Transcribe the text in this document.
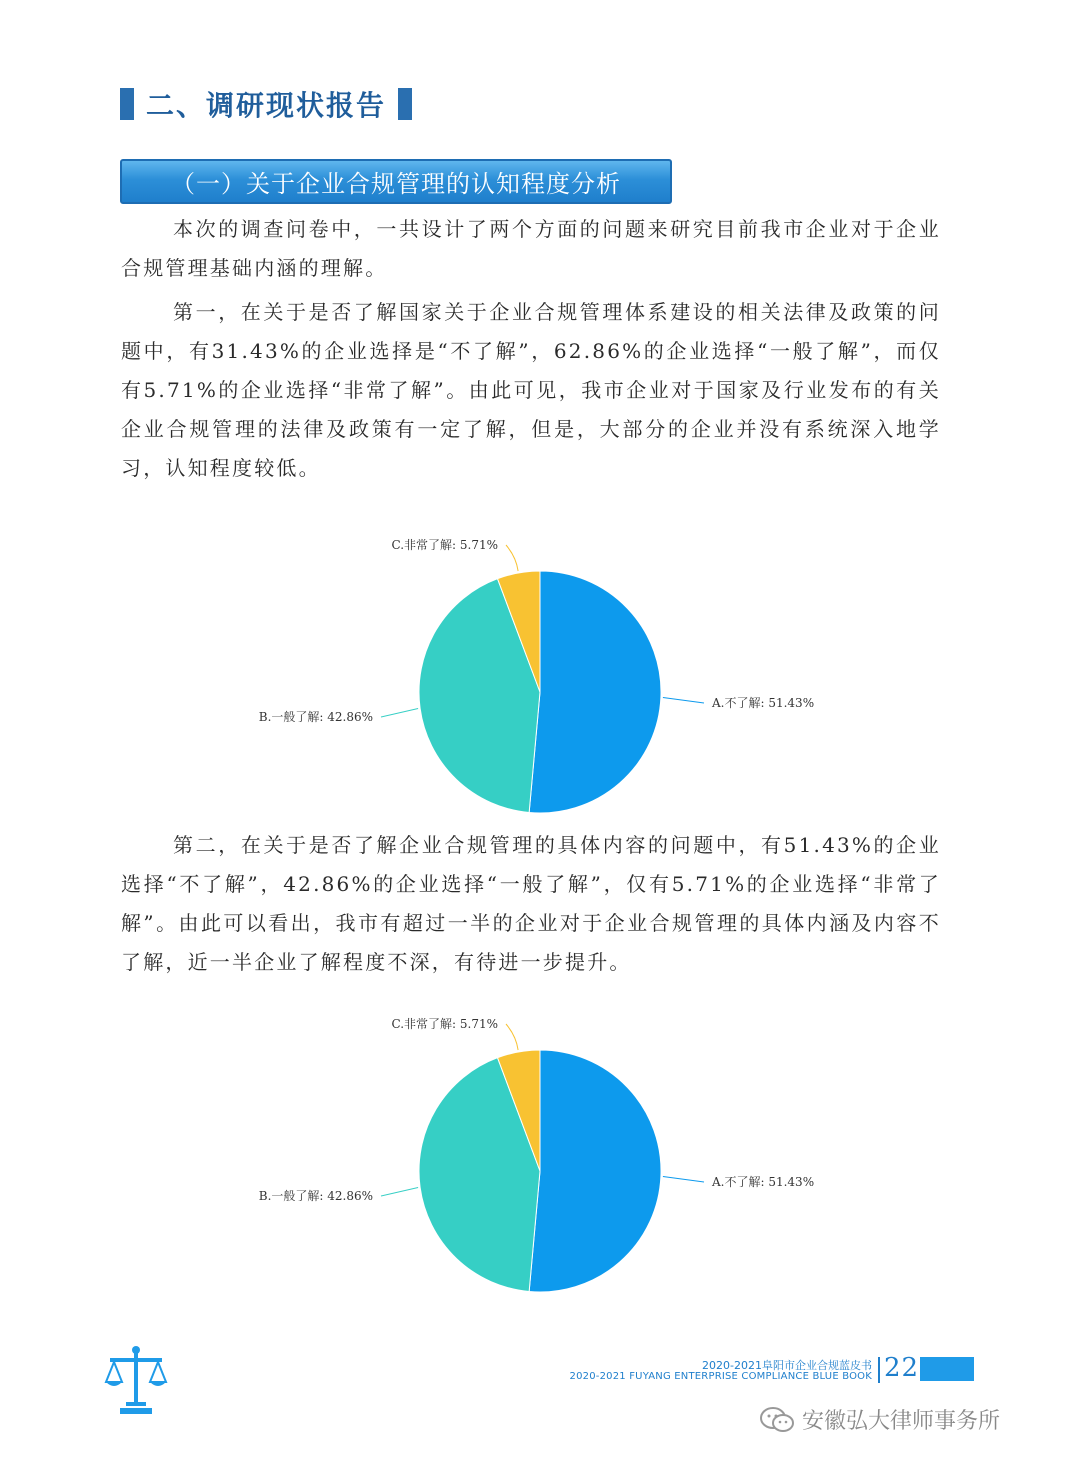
二、调研现状报告
（一）关于企业合规管理的认知程度分析

本次的调查问卷中，一共设计了两个方面的问题来研究目前我市企业对于企业合规管理基础内涵的理解。

第一，在关于是否了解国家关于企业合规管理体系建设的相关法律及政策的问题中，有31.43%的企业选择是“不了解”，62.86%的企业选择“一般了解”，而仅有5.71%的企业选择“非常了解”。由此可见，我市企业对于国家及行业发布的有关企业合规管理的法律及政策有一定了解，但是，大部分的企业并没有系统深入地学习，认知程度较低。

A.不了解: 51.43%
B.一般了解: 42.86%
C.非常了解: 5.71%

第二，在关于是否了解企业合规管理的具体内容的问题中，有51.43%的企业选择“不了解”，42.86%的企业选择“一般了解”，仅有5.71%的企业选择“非常了解”。由此可以看出，我市有超过一半的企业对于企业合规管理的具体内涵及内容不了解，近一半企业了解程度不深，有待进一步提升。

A.不了解: 51.43%
B.一般了解: 42.86%
C.非常了解: 5.71%
2020-2021阜阳市企业合规蓝皮书
2020-2021 FUYANG ENTERPRISE COMPLIANCE BLUE BOOK 22
安徽弘大律师事务所
